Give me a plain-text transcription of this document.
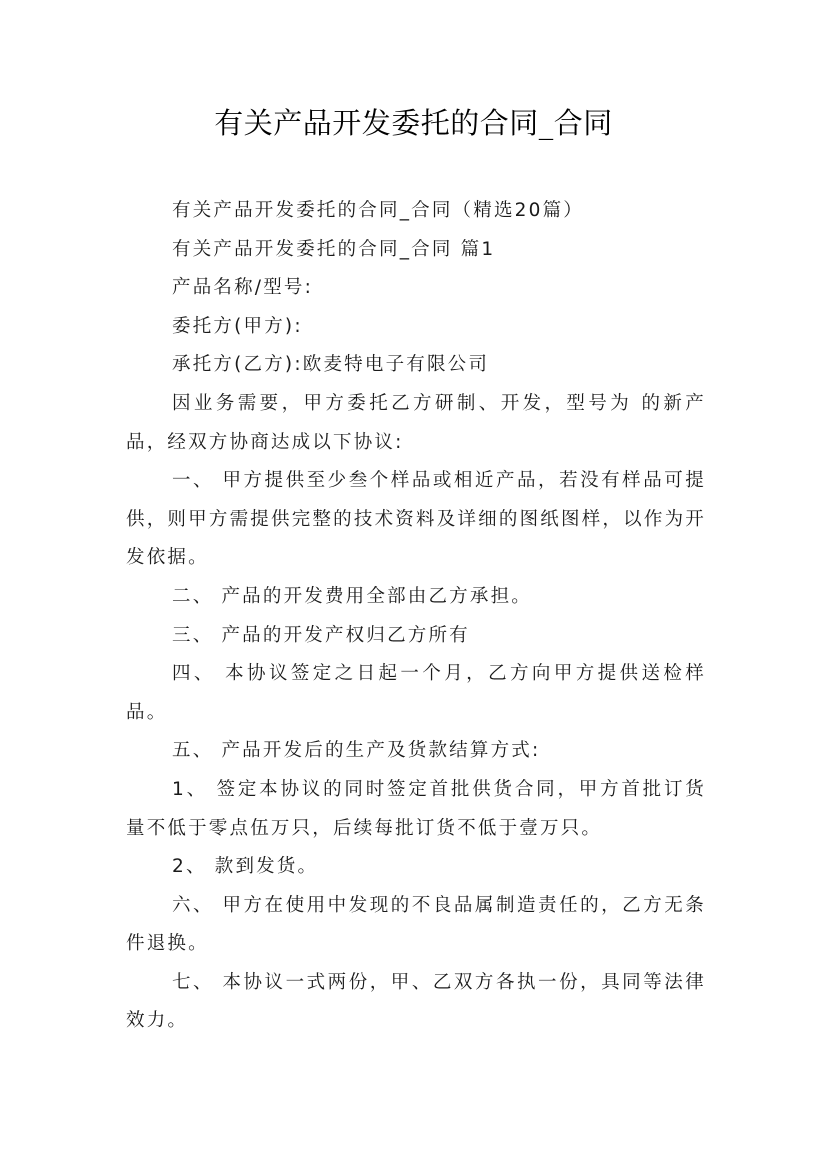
有关产品开发委托的合同_合同

有关产品开发委托的合同_合同（精选20篇）

有关产品开发委托的合同_合同 篇1

产品名称/型号:

委托方(甲方):

承托方(乙方):欧麦特电子有限公司

因业务需要，甲方委托乙方研制、开发，型号为 的新产品，经双方协商达成以下协议:

一、 甲方提供至少叁个样品或相近产品，若没有样品可提供，则甲方需提供完整的技术资料及详细的图纸图样，以作为开发依据。

二、 产品的开发费用全部由乙方承担。

三、 产品的开发产权归乙方所有

四、 本协议签定之日起一个月，乙方向甲方提供送检样品。

五、 产品开发后的生产及货款结算方式:

1、 签定本协议的同时签定首批供货合同，甲方首批订货量不低于零点伍万只，后续每批订货不低于壹万只。

2、 款到发货。

六、 甲方在使用中发现的不良品属制造责任的，乙方无条件退换。

七、 本协议一式两份，甲、乙双方各执一份，具同等法律效力。
